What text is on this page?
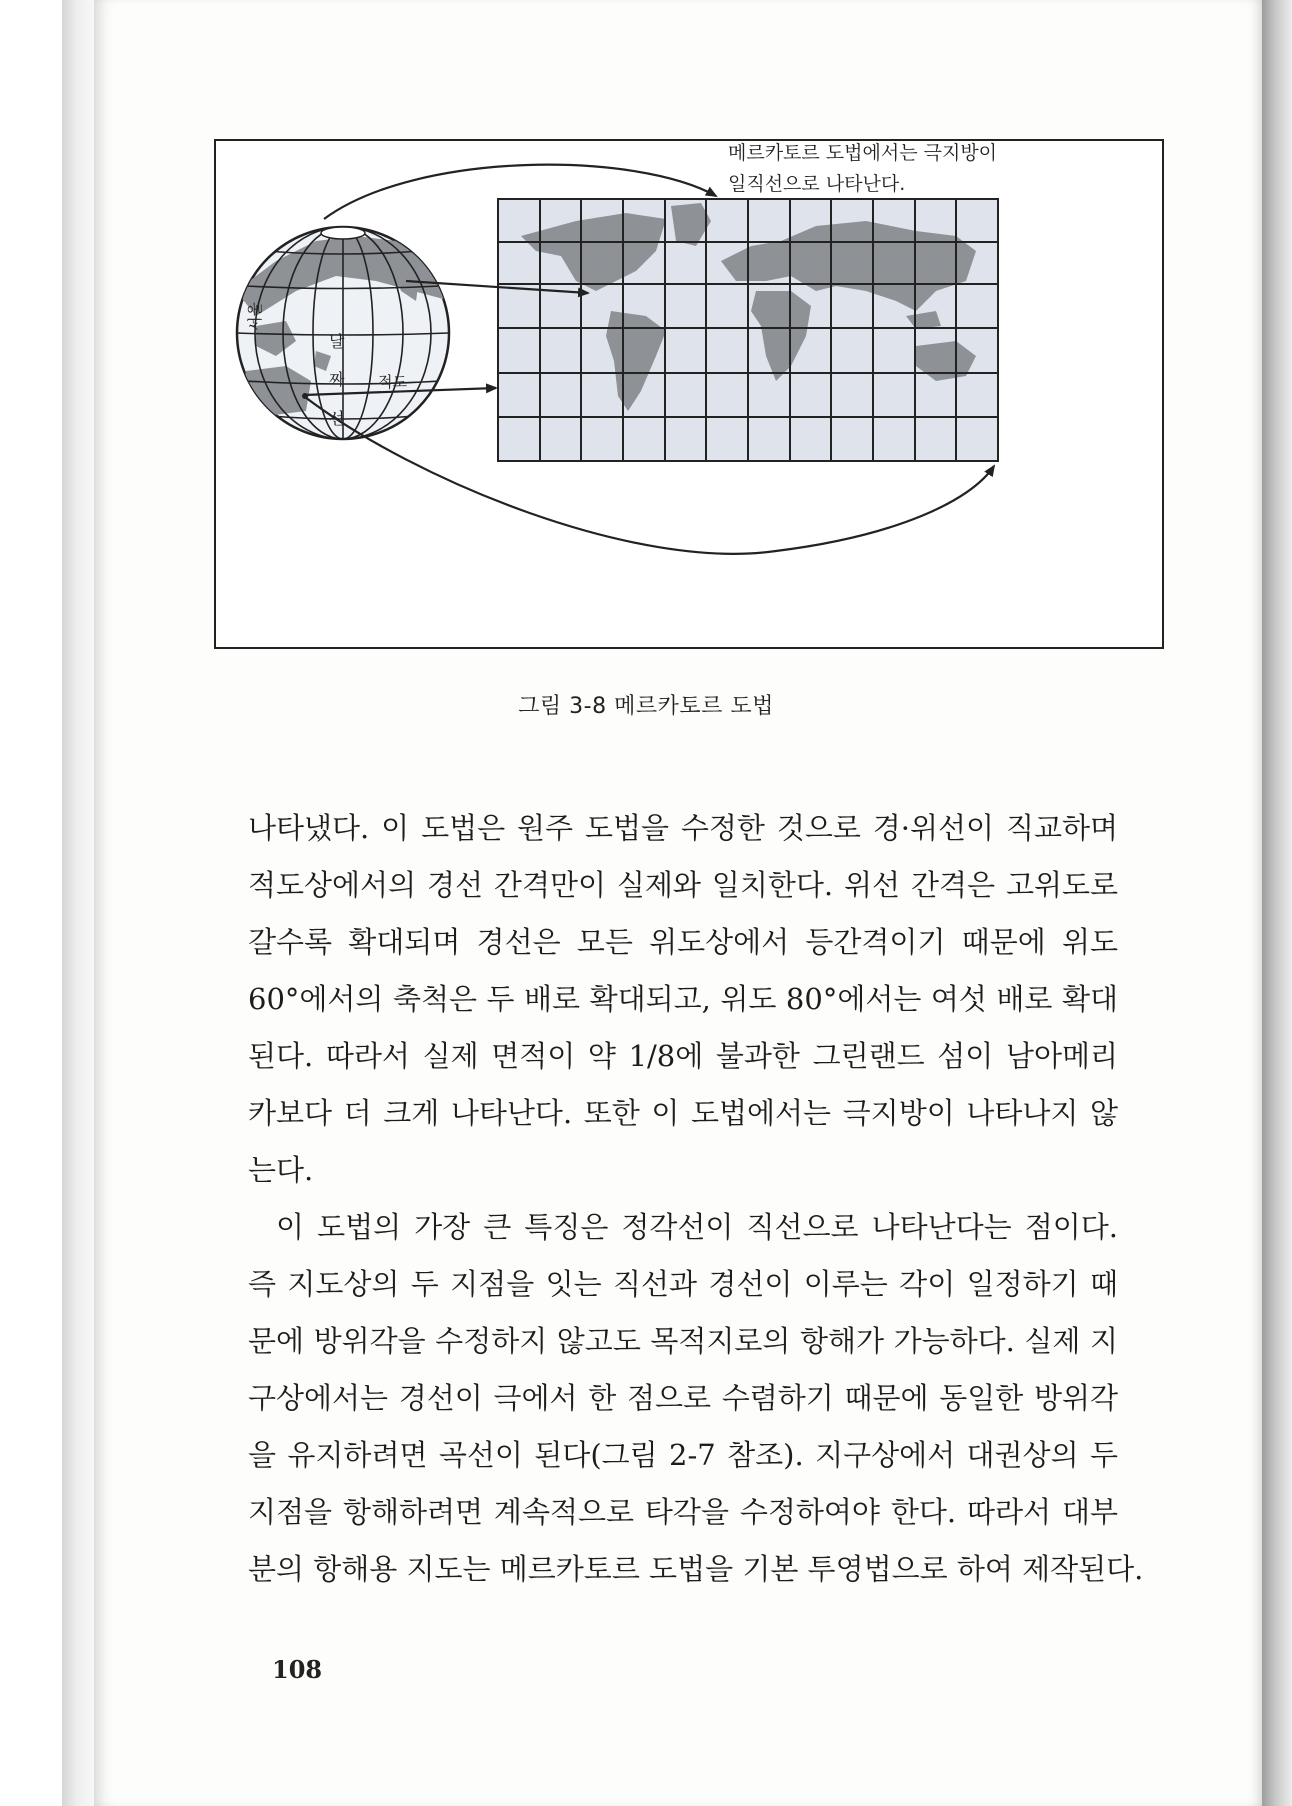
메르카토르 도법에서는 극지방이
일직선으로 나타난다.
서울
날
짜
선
적도
그림 3-8 메르카토르 도법
나타냈다. 이 도법은 원주 도법을 수정한 것으로 경·위선이 직교하며
적도상에서의 경선 간격만이 실제와 일치한다. 위선 간격은 고위도로
갈수록 확대되며 경선은 모든 위도상에서 등간격이기 때문에 위도
60°에서의 축척은 두 배로 확대되고, 위도 80°에서는 여섯 배로 확대
된다. 따라서 실제 면적이 약 1/8에 불과한 그린랜드 섬이 남아메리
카보다 더 크게 나타난다. 또한 이 도법에서는 극지방이 나타나지 않
는다.
이 도법의 가장 큰 특징은 정각선이 직선으로 나타난다는 점이다.
즉 지도상의 두 지점을 잇는 직선과 경선이 이루는 각이 일정하기 때
문에 방위각을 수정하지 않고도 목적지로의 항해가 가능하다. 실제 지
구상에서는 경선이 극에서 한 점으로 수렴하기 때문에 동일한 방위각
을 유지하려면 곡선이 된다(그림 2-7 참조). 지구상에서 대권상의 두
지점을 항해하려면 계속적으로 타각을 수정하여야 한다. 따라서 대부
분의 항해용 지도는 메르카토르 도법을 기본 투영법으로 하여 제작된다.
108
